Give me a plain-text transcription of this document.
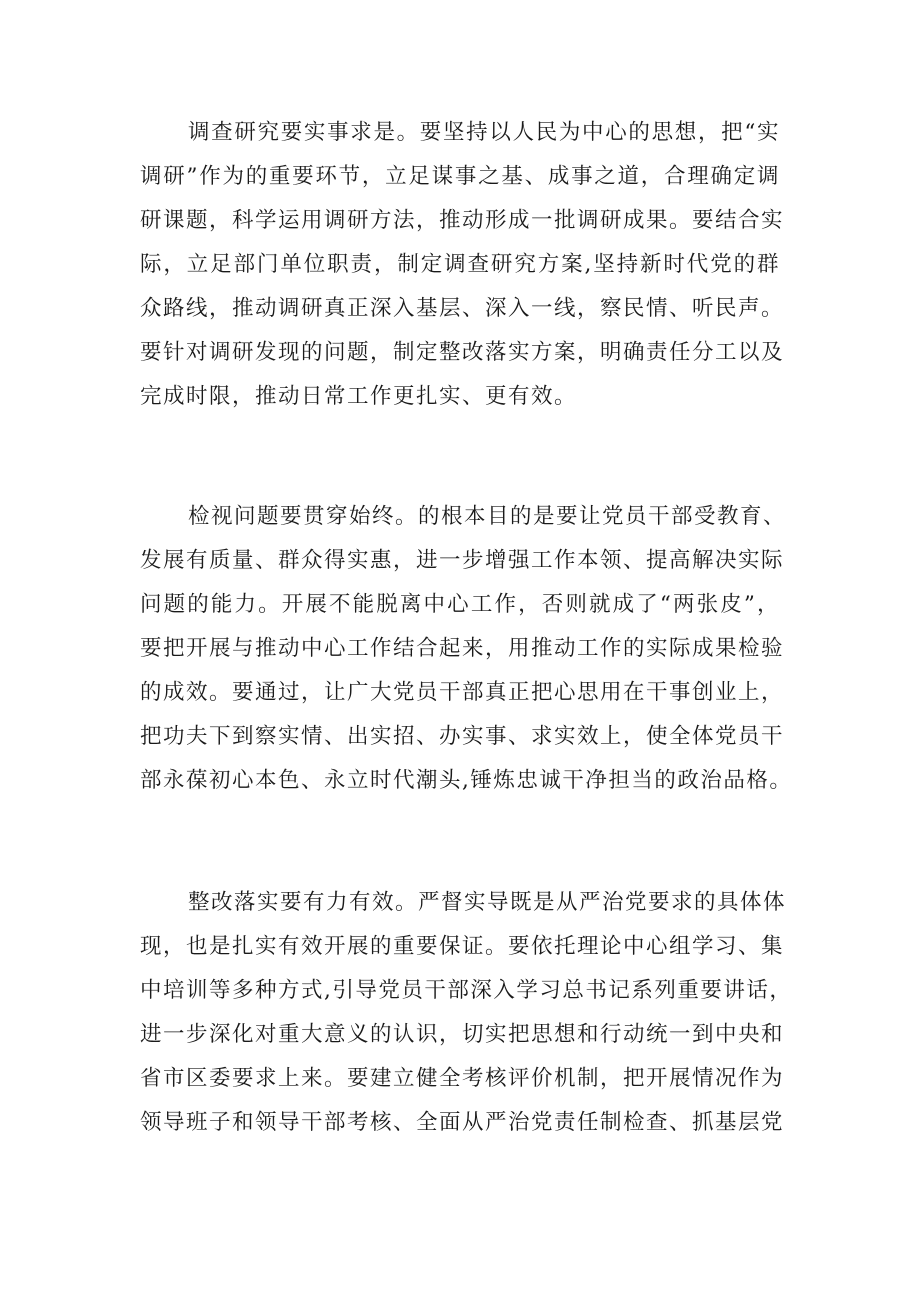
调查研究要实事求是。要坚持以人民为中心的思想，把“实
调研”作为的重要环节，立足谋事之基、成事之道，合理确定调
研课题，科学运用调研方法，推动形成一批调研成果。要结合实
际，立足部门单位职责，制定调查研究方案,坚持新时代党的群
众路线，推动调研真正深入基层、深入一线，察民情、听民声。
要针对调研发现的问题，制定整改落实方案，明确责任分工以及
完成时限，推动日常工作更扎实、更有效。
检视问题要贯穿始终。的根本目的是要让党员干部受教育、
发展有质量、群众得实惠，进一步增强工作本领、提高解决实际
问题的能力。开展不能脱离中心工作，否则就成了“两张皮”，
要把开展与推动中心工作结合起来，用推动工作的实际成果检验
的成效。要通过，让广大党员干部真正把心思用在干事创业上，
把功夫下到察实情、出实招、办实事、求实效上，使全体党员干
部永葆初心本色、永立时代潮头,锤炼忠诚干净担当的政治品格。
整改落实要有力有效。严督实导既是从严治党要求的具体体
现，也是扎实有效开展的重要保证。要依托理论中心组学习、集
中培训等多种方式,引导党员干部深入学习总书记系列重要讲话，
进一步深化对重大意义的认识，切实把思想和行动统一到中央和
省市区委要求上来。要建立健全考核评价机制，把开展情况作为
领导班子和领导干部考核、全面从严治党责任制检查、抓基层党
